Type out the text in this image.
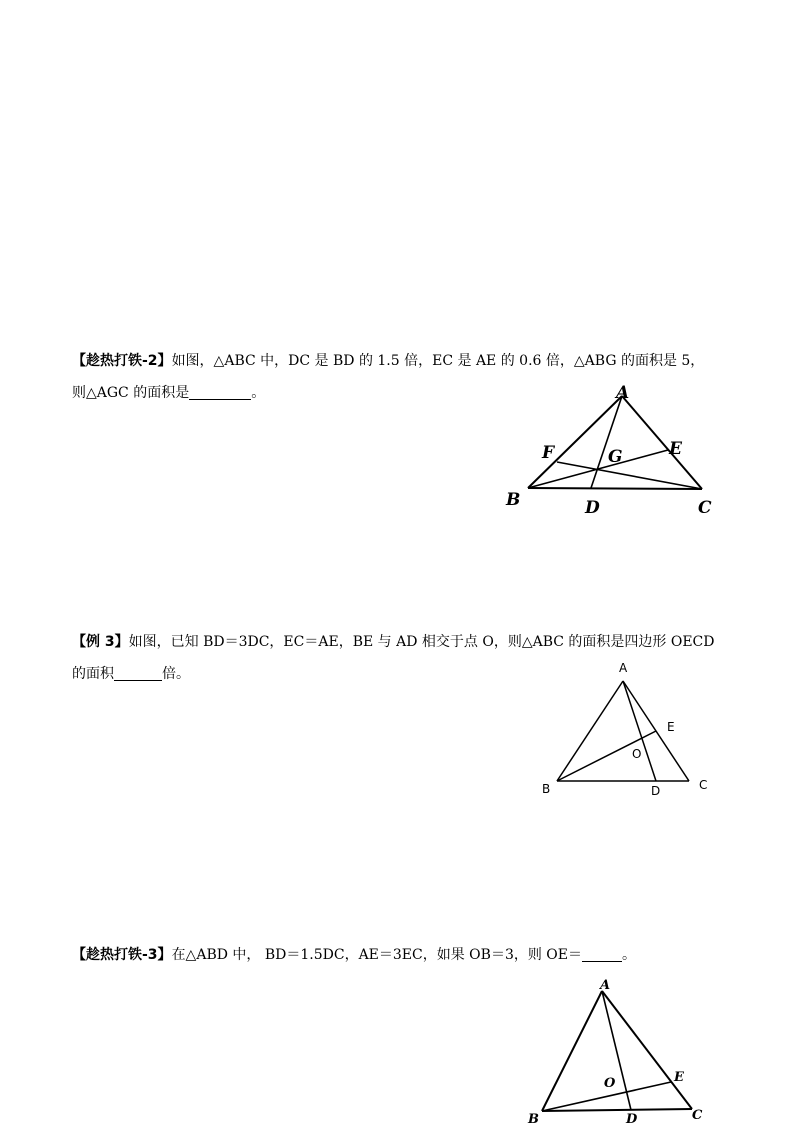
【趁热打铁-2】如图，△ABC 中，DC 是 BD 的 1.5 倍，EC 是 AE 的 0.6 倍，△ABG 的面积是 5，
则△AGC 的面积是	。	A
B	C
D
E
F	G
【例 3】如图，已知 BD＝3DC，EC＝AE，BE 与 AD 相交于点 O，则△ABC 的面积是四边形 OECD
的面积	倍。	A
B	C
D
E
O
【趁热打铁-3】在△ABD 中， BD＝1.5DC，AE＝3EC，如果 OB＝3，则 OE＝	。
A
B	C
D
E
O
